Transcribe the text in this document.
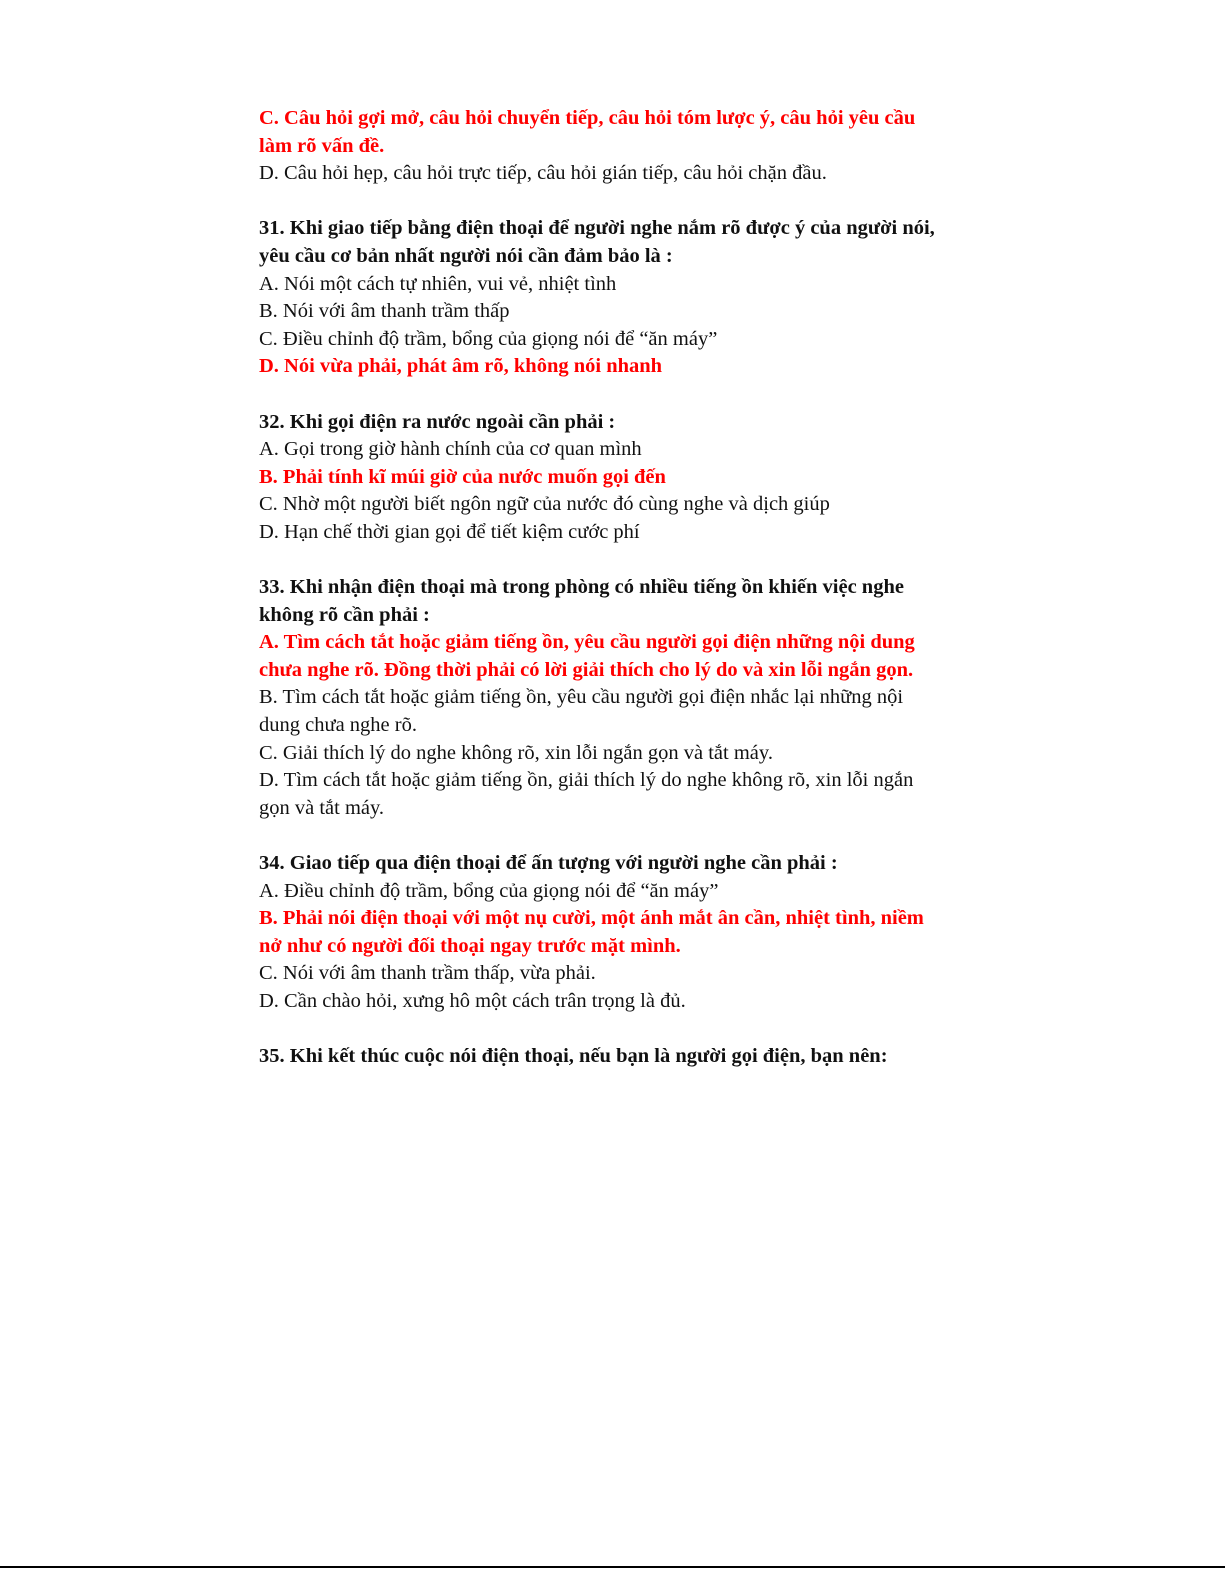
C. Câu hỏi gợi mở, câu hỏi chuyển tiếp, câu hỏi tóm lược ý, câu hỏi yêu cầu

làm rõ vấn đề.

D. Câu hỏi hẹp, câu hỏi trực tiếp, câu hỏi gián tiếp, câu hỏi chặn đầu.

31. Khi giao tiếp bằng điện thoại để người nghe nắm rõ được ý của người nói,

yêu cầu cơ bản nhất người nói cần đảm bảo là :

A. Nói một cách tự nhiên, vui vẻ, nhiệt tình

B. Nói với âm thanh trầm thấp

C. Điều chỉnh độ trầm, bổng của giọng nói để “ăn máy”

D. Nói vừa phải, phát âm rõ, không nói nhanh

32. Khi gọi điện ra nước ngoài cần phải :

A. Gọi trong giờ hành chính của cơ quan mình

B. Phải tính kĩ múi giờ của nước muốn gọi đến

C. Nhờ một người biết ngôn ngữ của nước đó cùng nghe và dịch giúp

D. Hạn chế thời gian gọi để tiết kiệm cước phí

33. Khi nhận điện thoại mà trong phòng có nhiều tiếng ồn khiến việc nghe

không rõ cần phải :

A. Tìm cách tắt hoặc giảm tiếng ồn, yêu cầu người gọi điện những nội dung

chưa nghe rõ. Đồng thời phải có lời giải thích cho lý do và xin lỗi ngắn gọn.

B. Tìm cách tắt hoặc giảm tiếng ồn, yêu cầu người gọi điện nhắc lại những nội

dung chưa nghe rõ.

C. Giải thích lý do nghe không rõ, xin lỗi ngắn gọn và tắt máy.

D. Tìm cách tắt hoặc giảm tiếng ồn, giải thích lý do nghe không rõ, xin lỗi ngắn

gọn và tắt máy.

34. Giao tiếp qua điện thoại để ấn tượng với người nghe cần phải :

A. Điều chỉnh độ trầm, bổng của giọng nói để “ăn máy”

B. Phải nói điện thoại với một nụ cười, một ánh mắt ân cần, nhiệt tình, niềm

nở như có người đối thoại ngay trước mặt mình.

C. Nói với âm thanh trầm thấp, vừa phải.

D. Cần chào hỏi, xưng hô một cách trân trọng là đủ.

35. Khi kết thúc cuộc nói điện thoại, nếu bạn là người gọi điện, bạn nên:
